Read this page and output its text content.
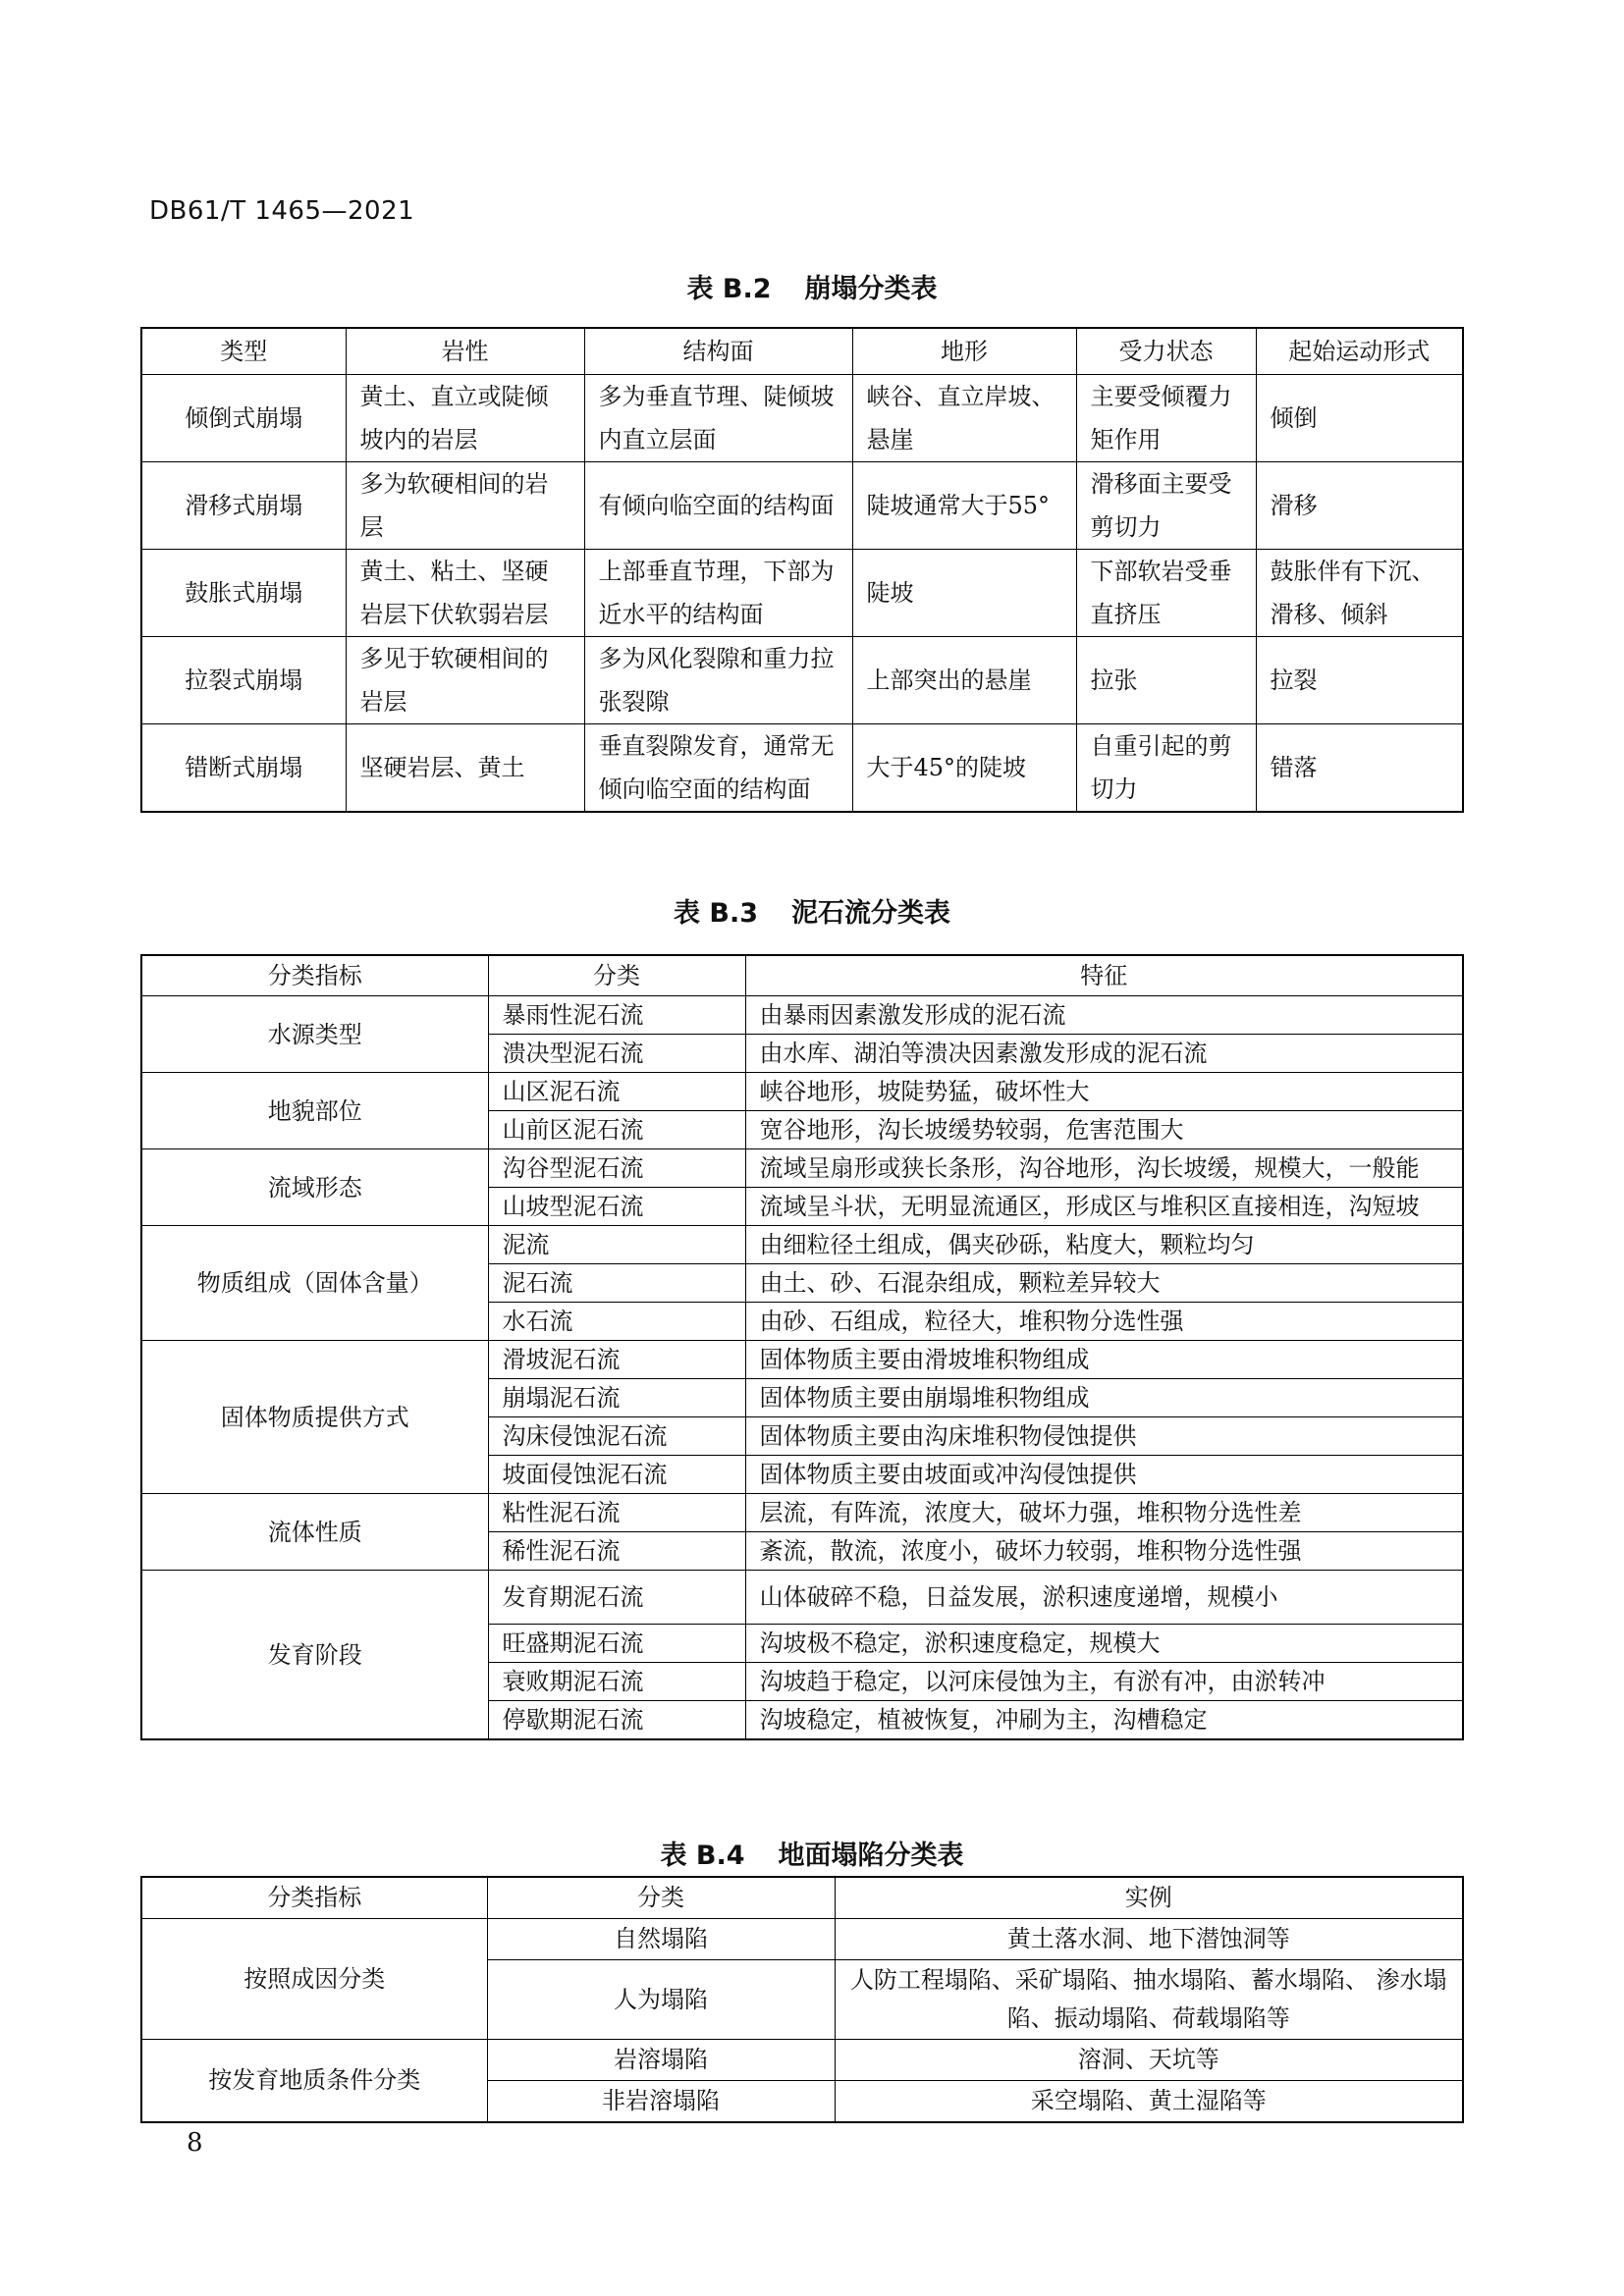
DB61/T 1465—2021
表 B.2 崩塌分类表
类型	岩性	结构面	地形	受力状态	起始运动形式
倾倒式崩塌	黄土、直立或陡倾坡内的岩层	多为垂直节理、陡倾坡内直立层面	峡谷、直立岸坡、悬崖	主要受倾覆力矩作用	倾倒
滑移式崩塌	多为软硬相间的岩层	有倾向临空面的结构面	陡坡通常大于55°	滑移面主要受剪切力	滑移
鼓胀式崩塌	黄土、粘土、坚硬岩层下伏软弱岩层	上部垂直节理，下部为近水平的结构面	陡坡	下部软岩受垂直挤压	鼓胀伴有下沉、滑移、倾斜
拉裂式崩塌	多见于软硬相间的岩层	多为风化裂隙和重力拉张裂隙	上部突出的悬崖	拉张	拉裂
错断式崩塌	坚硬岩层、黄土	垂直裂隙发育，通常无倾向临空面的结构面	大于45°的陡坡	自重引起的剪切力	错落
表 B.3 泥石流分类表
分类指标	分类	特征
水源类型	暴雨性泥石流	由暴雨因素激发形成的泥石流
	溃决型泥石流	由水库、湖泊等溃决因素激发形成的泥石流
地貌部位	山区泥石流	峡谷地形，坡陡势猛，破坏性大
	山前区泥石流	宽谷地形，沟长坡缓势较弱，危害范围大
流域形态	沟谷型泥石流	流域呈扇形或狭长条形，沟谷地形，沟长坡缓，规模大，一般能
	山坡型泥石流	流域呈斗状，无明显流通区，形成区与堆积区直接相连，沟短坡
物质组成（固体含量）	泥流	由细粒径土组成，偶夹砂砾，粘度大，颗粒均匀
	泥石流	由土、砂、石混杂组成，颗粒差异较大
	水石流	由砂、石组成，粒径大，堆积物分选性强
固体物质提供方式	滑坡泥石流	固体物质主要由滑坡堆积物组成
	崩塌泥石流	固体物质主要由崩塌堆积物组成
	沟床侵蚀泥石流	固体物质主要由沟床堆积物侵蚀提供
	坡面侵蚀泥石流	固体物质主要由坡面或冲沟侵蚀提供
流体性质	粘性泥石流	层流，有阵流，浓度大，破坏力强，堆积物分选性差
	稀性泥石流	紊流，散流，浓度小，破坏力较弱，堆积物分选性强
发育阶段	发育期泥石流	山体破碎不稳，日益发展，淤积速度递增，规模小
	旺盛期泥石流	沟坡极不稳定，淤积速度稳定，规模大
	衰败期泥石流	沟坡趋于稳定，以河床侵蚀为主，有淤有冲，由淤转冲
	停歇期泥石流	沟坡稳定，植被恢复，冲刷为主，沟槽稳定
表 B.4 地面塌陷分类表
分类指标	分类	实例
按照成因分类	自然塌陷	黄土落水洞、地下潜蚀洞等
	人为塌陷	人防工程塌陷、采矿塌陷、抽水塌陷、蓄水塌陷、 渗水塌陷、振动塌陷、荷载塌陷等
按发育地质条件分类	岩溶塌陷	溶洞、天坑等
	非岩溶塌陷	采空塌陷、黄土湿陷等
8
